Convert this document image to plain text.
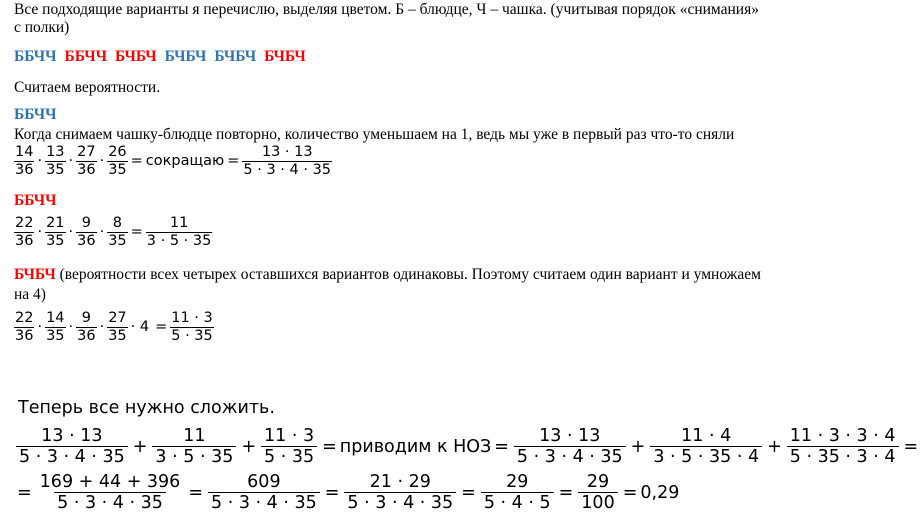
Все подходящие варианты я перечислю, выделяя цветом. Б – блюдце, Ч – чашка. (учитывая порядок «снимания»
с полки)
ББЧЧ ББЧЧ БЧБЧ БЧБЧ БЧБЧ БЧБЧ
Считаем вероятности.
ББЧЧ
Когда снимаем чашку-блюдце повторно, количество уменьшаем на 1, ведь мы уже в первый раз что-то сняли
$\frac{14}{36} \cdot \frac{13}{35} \cdot \frac{27}{36} \cdot \frac{26}{35}$ = сокращаю = $\frac{13 \cdot 13}{5 \cdot 3 \cdot 4 \cdot 35}$
ББЧЧ
$\frac{22}{36} \cdot \frac{21}{35} \cdot \frac{9}{36} \cdot \frac{8}{35} = \frac{11}{3 \cdot 5 \cdot 35}$
БЧБЧ (вероятности всех четырех оставшихся вариантов одинаковы. Поэтому считаем один вариант и умножаем
на 4)
$\frac{22}{36} \cdot \frac{14}{35} \cdot \frac{9}{36} \cdot \frac{27}{35} \cdot 4 = \frac{11 \cdot 3}{5 \cdot 35}$
Теперь все нужно сложить.
$\frac{13 \cdot 13}{5 \cdot 3 \cdot 4 \cdot 35} + \frac{11}{3 \cdot 5 \cdot 35} + \frac{11 \cdot 3}{5 \cdot 35}$ = приводим к НОЗ = $\frac{13 \cdot 13}{5 \cdot 3 \cdot 4 \cdot 35} + \frac{11 \cdot 4}{3 \cdot 5 \cdot 35 \cdot 4} + \frac{11 \cdot 3 \cdot 3 \cdot 4}{5 \cdot 35 \cdot 3 \cdot 4}$ =
= $\frac{169 + 44 + 396}{5 \cdot 3 \cdot 4 \cdot 35} = \frac{609}{5 \cdot 3 \cdot 4 \cdot 35} = \frac{21 \cdot 29}{5 \cdot 3 \cdot 4 \cdot 35} = \frac{29}{5 \cdot 4 \cdot 5} = \frac{29}{100} = 0,29$
